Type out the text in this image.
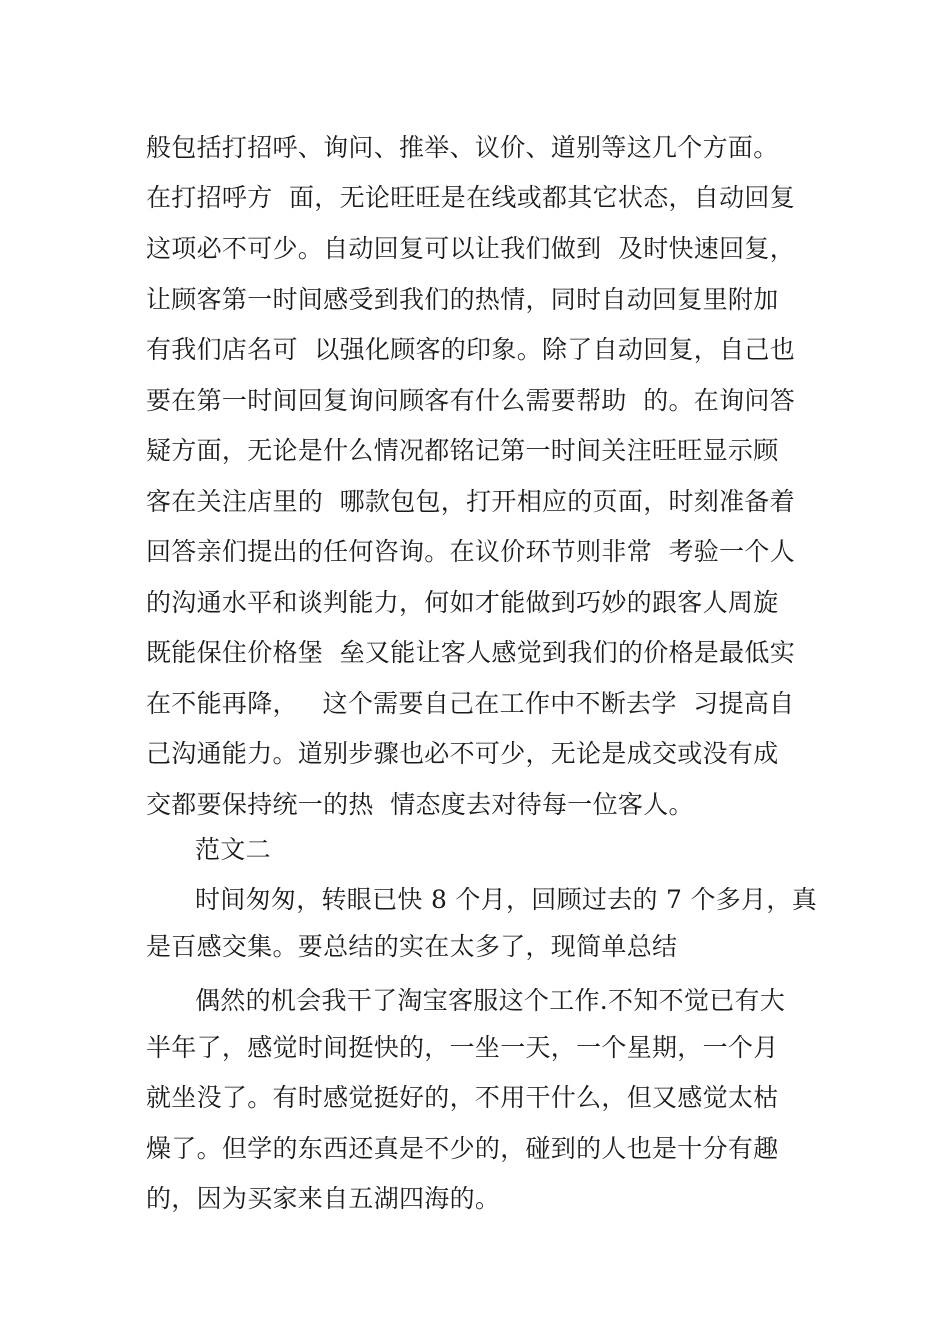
般包括打招呼、询问、推举、议价、道别等这几个方面。
在打招呼方  面，无论旺旺是在线或都其它状态，自动回复
这项必不可少。自动回复可以让我们做到  及时快速回复，
让顾客第一时间感受到我们的热情，同时自动回复里附加
有我们店名可  以强化顾客的印象。除了自动回复，自己也
要在第一时间回复询问顾客有什么需要帮助  的。在询问答
疑方面，无论是什么情况都铭记第一时间关注旺旺显示顾
客在关注店里的  哪款包包，打开相应的页面，时刻准备着
回答亲们提出的任何咨询。在议价环节则非常  考验一个人
的沟通水平和谈判能力，何如才能做到巧妙的跟客人周旋
既能保住价格堡  垒又能让客人感觉到我们的价格是最低实
在不能再降，   这个需要自己在工作中不断去学  习提高自
己沟通能力。道别步骤也必不可少，无论是成交或没有成
交都要保持统一的热  情态度去对待每一位客人。
范文二
时间匆匆，转眼已快 8 个月，回顾过去的 7 个多月，真
是百感交集。要总结的实在太多了，现简单总结
偶然的机会我干了淘宝客服这个工作.不知不觉已有大
半年了，感觉时间挺快的，一坐一天，一个星期，一个月
就坐没了。有时感觉挺好的，不用干什么，但又感觉太枯
燥了。但学的东西还真是不少的，碰到的人也是十分有趣
的，因为买家来自五湖四海的。
